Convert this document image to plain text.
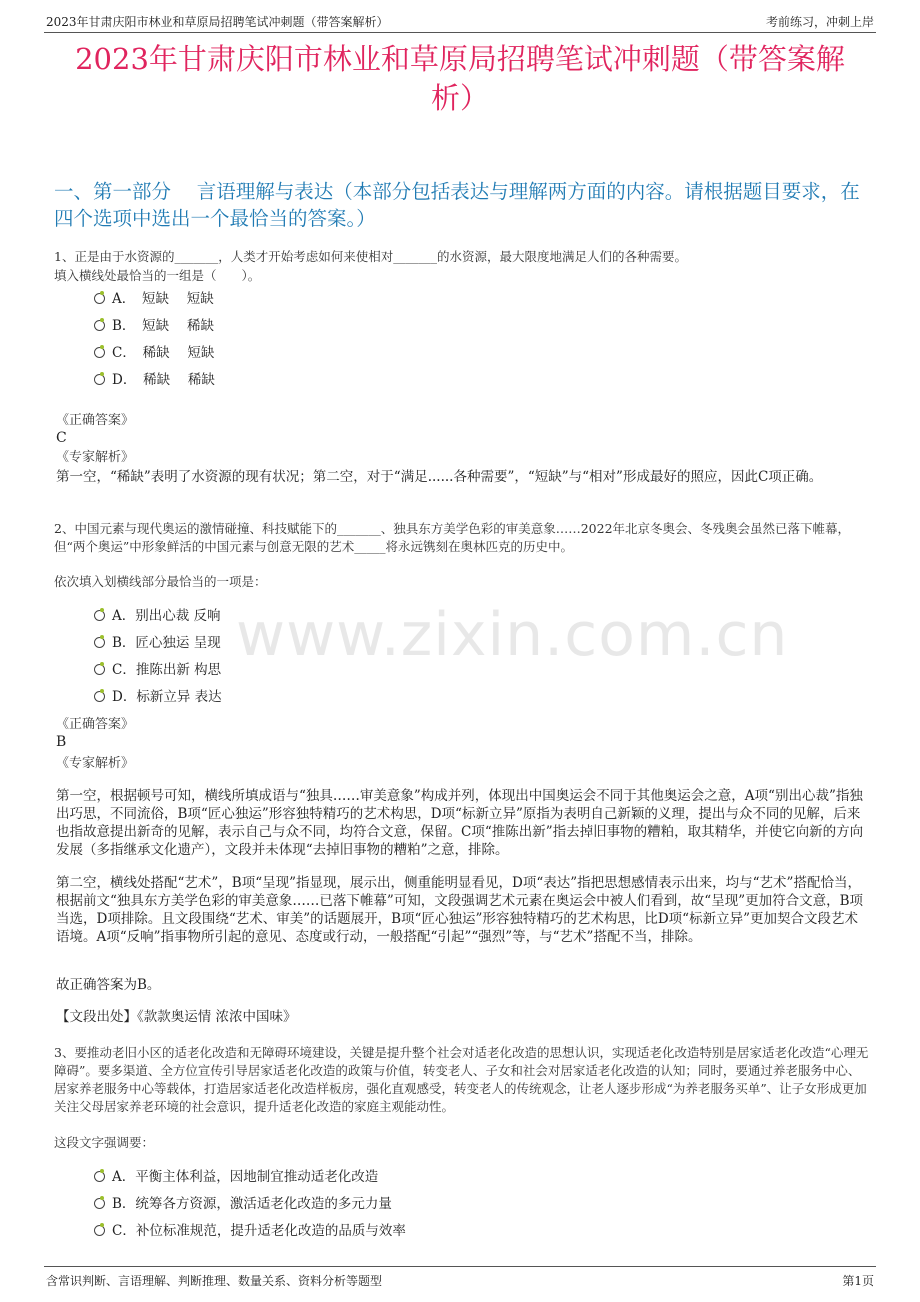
2023年甘肃庆阳市林业和草原局招聘笔试冲刺题（带答案解析）	考前练习，冲刺上岸
2023年甘肃庆阳市林业和草原局招聘笔试冲刺题（带答案解析）
一、第一部分　 言语理解与表达（本部分包括表达与理解两方面的内容。请根据题目要求，在四个选项中选出一个最恰当的答案。）
1、正是由于水资源的_______，人类才开始考虑如何来使相对_______的水资源，最大限度地满足人们的各种需要。
填入横线处最恰当的一组是（　　）。
A．　短缺　 短缺
B．　短缺　 稀缺
C．　稀缺　 短缺
D．　稀缺　 稀缺
《正确答案》
C
《专家解析》
第一空，“稀缺”表明了水资源的现有状况；第二空，对于“满足......各种需要”，“短缺”与“相对”形成最好的照应，因此C项正确。
2、中国元素与现代奥运的激情碰撞、科技赋能下的_______、独具东方美学色彩的审美意象……2022年北京冬奥会、冬残奥会虽然已落下帷幕，但“两个奥运”中形象鲜活的中国元素与创意无限的艺术_____将永远镌刻在奥林匹克的历史中。
依次填入划横线部分最恰当的一项是：
www.zixin.com.cn
A．别出心裁 反响
B．匠心独运 呈现
C．推陈出新 构思
D．标新立异 表达
《正确答案》
B
《专家解析》
第一空，根据顿号可知，横线所填成语与“独具……审美意象”构成并列，体现出中国奥运会不同于其他奥运会之意，A项“别出心裁”指独出巧思，不同流俗，B项“匠心独运”形容独特精巧的艺术构思，D项“标新立异”原指为表明自己新颖的义理，提出与众不同的见解，后来也指故意提出新奇的见解，表示自己与众不同，均符合文意，保留。C项“推陈出新”指去掉旧事物的糟粕，取其精华，并使它向新的方向发展（多指继承文化遗产），文段并未体现“去掉旧事物的糟粕”之意，排除。
第二空，横线处搭配“艺术”，B项“呈现”指显现，展示出，侧重能明显看见，D项“表达”指把思想感情表示出来，均与“艺术”搭配恰当，根据前文“独具东方美学色彩的审美意象……已落下帷幕”可知，文段强调艺术元素在奥运会中被人们看到，故“呈现”更加符合文意，B项当选，D项排除。且文段围绕“艺术、审美”的话题展开，B项“匠心独运”形容独特精巧的艺术构思，比D项“标新立异”更加契合文段艺术语境。A项“反响”指事物所引起的意见、态度或行动，一般搭配“引起”“强烈”等，与“艺术”搭配不当，排除。
故正确答案为B。
【文段出处】《款款奥运情 浓浓中国味》
3、要推动老旧小区的适老化改造和无障碍环境建设，关键是提升整个社会对适老化改造的思想认识，实现适老化改造特别是居家适老化改造“心理无障碍”。要多渠道、全方位宣传引导居家适老化改造的政策与价值，转变老人、子女和社会对居家适老化改造的认知；同时，要通过养老服务中心、居家养老服务中心等载体，打造居家适老化改造样板房，强化直观感受，转变老人的传统观念，让老人逐步形成“为养老服务买单”、让子女形成更加关注父母居家养老环境的社会意识，提升适老化改造的家庭主观能动性。
这段文字强调要：
A．平衡主体利益，因地制宜推动适老化改造
B．统筹各方资源，激活适老化改造的多元力量
C．补位标准规范，提升适老化改造的品质与效率
含常识判断、言语理解、判断推理、数量关系、资料分析等题型	第1页
